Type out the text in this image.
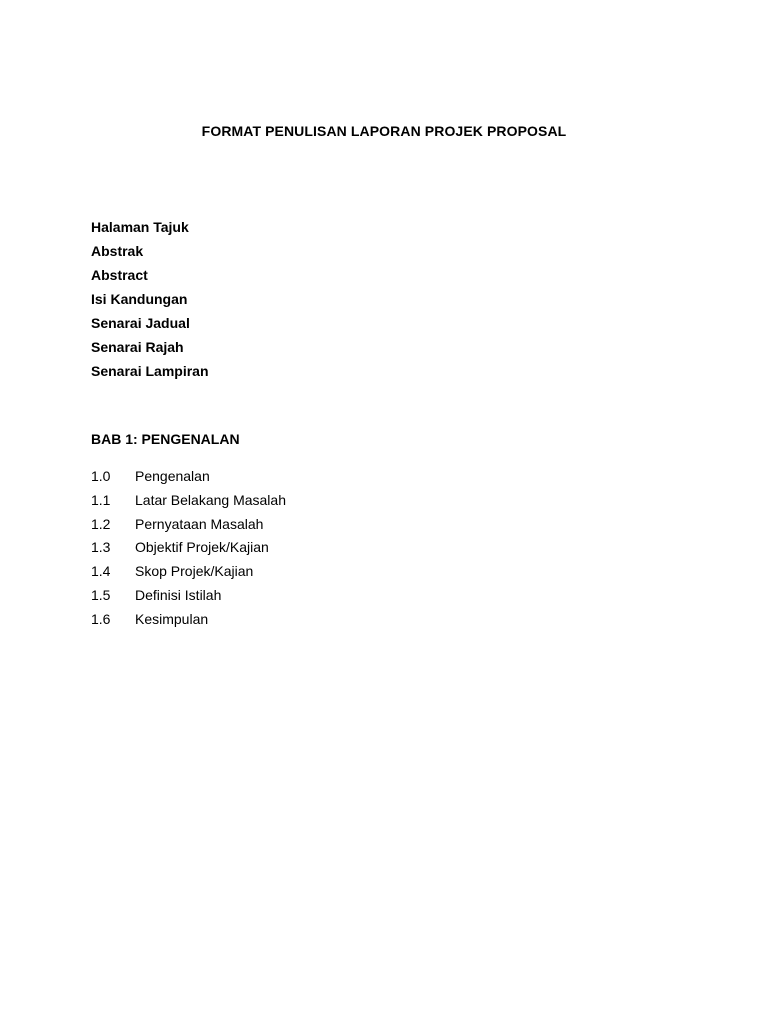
FORMAT PENULISAN LAPORAN PROJEK PROPOSAL
Halaman Tajuk
Abstrak
Abstract
Isi Kandungan
Senarai Jadual
Senarai Rajah
Senarai Lampiran
BAB 1: PENGENALAN
1.0	Pengenalan
1.1	Latar Belakang Masalah
1.2	Pernyataan Masalah
1.3	Objektif Projek/Kajian
1.4	Skop Projek/Kajian
1.5	Definisi Istilah
1.6	Kesimpulan
